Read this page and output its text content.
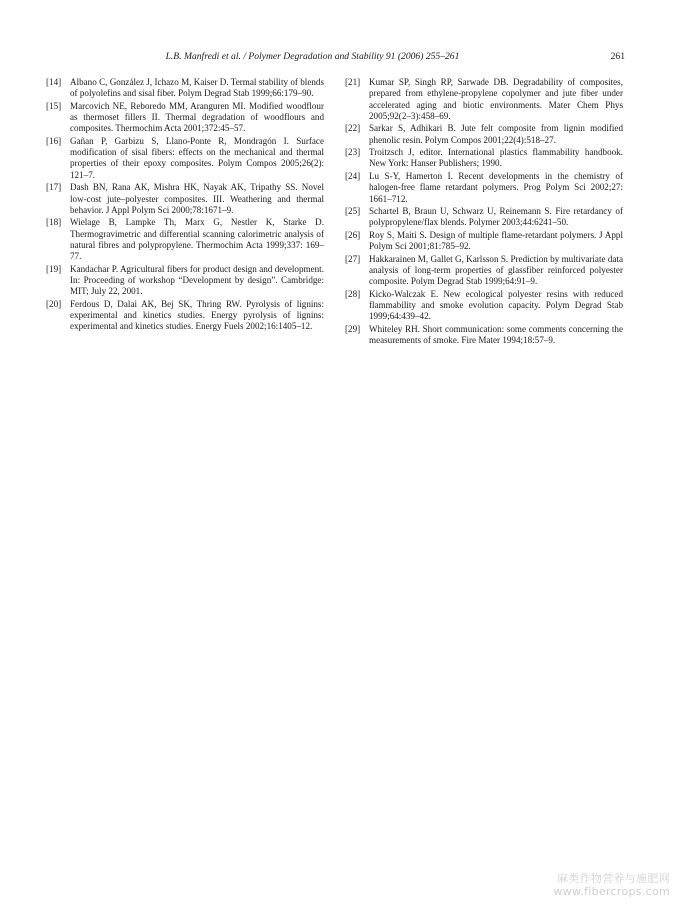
L.B. Manfredi et al. / Polymer Degradation and Stability 91 (2006) 255–261	261

[14] Albano C, González J, Ichazo M, Kaiser D. Termal stability of blends of polyolefins and sisal fiber. Polym Degrad Stab 1999;66:179–90.

[15] Marcovich NE, Reboredo MM, Aranguren MI. Modified woodflour as thermoset fillers II. Thermal degradation of woodflours and composites. Thermochim Acta 2001;372:45–57.

[16] Gañan P, Garbizu S, Llano-Ponte R, Mondragón I. Surface modification of sisal fibers: effects on the mechanical and thermal properties of their epoxy composites. Polym Compos 2005;26(2): 121–7.

[17] Dash BN, Rana AK, Mishra HK, Nayak AK, Tripathy SS. Novel low-cost jute–polyester composites. III. Weathering and thermal behavior. J Appl Polym Sci 2000;78:1671–9.

[18] Wielage B, Lampke Th, Marx G, Nestler K, Starke D. Thermogravimetric and differential scanning calorimetric analysis of natural fibres and polypropylene. Thermochim Acta 1999;337: 169–77.

[19] Kandachar P. Agricultural fibers for product design and development. In: Proceeding of workshop “Development by design”. Cambridge: MIT; July 22, 2001.

[20] Ferdous D, Dalai AK, Bej SK, Thring RW. Pyrolysis of lignins: experimental and kinetics studies. Energy pyrolysis of lignins: experimental and kinetics studies. Energy Fuels 2002;16:1405–12.

[21] Kumar SP, Singh RP, Sarwade DB. Degradability of composites, prepared from ethylene-propylene copolymer and jute fiber under accelerated aging and biotic environments. Mater Chem Phys 2005;92(2–3):458–69.

[22] Sarkar S, Adhikari B. Jute felt composite from lignin modified phenolic resin. Polym Compos 2001;22(4):518–27.

[23] Troitzsch J, editor. International plastics flammability handbook. New York: Hanser Publishers; 1990.

[24] Lu S-Y, Hamerton I. Recent developments in the chemistry of halogen-free flame retardant polymers. Prog Polym Sci 2002;27: 1661–712.

[25] Schartel B, Braun U, Schwarz U, Reinemann S. Fire retardancy of polypropylene/flax blends. Polymer 2003;44:6241–50.

[26] Roy S, Maiti S. Design of multiple flame-retardant polymers. J Appl Polym Sci 2001;81:785–92.

[27] Hakkarainen M, Gallet G, Karlsson S. Prediction by multivariate data analysis of long-term properties of glassfiber reinforced polyester composite. Polym Degrad Stab 1999;64:91–9.

[28] Kicko-Walczak E. New ecological polyester resins with reduced flammability and smoke evolution capacity. Polym Degrad Stab 1999;64:439–42.

[29] Whiteley RH. Short communication: some comments concerning the measurements of smoke. Fire Mater 1994;18:57–9.

麻类作物营养与施肥网
www.fibercrops.com
